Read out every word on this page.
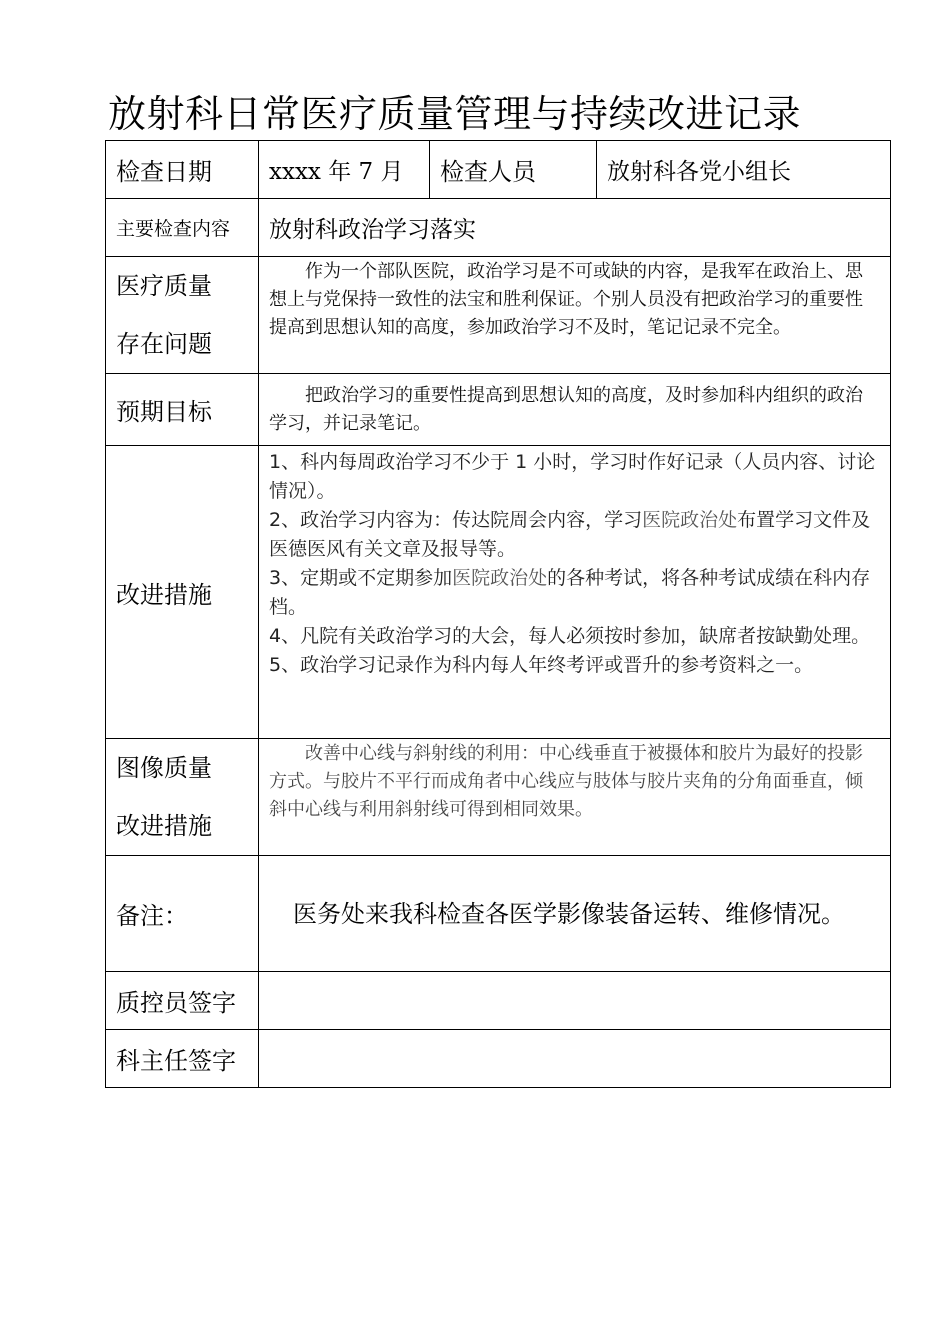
放射科日常医疗质量管理与持续改进记录
检查日期	xxxx 年 7 月	检查人员	放射科各党小组长
主要检查内容	放射科政治学习落实		

医疗质量
存在问题	作为一个部队医院，政治学习是不可或缺的内容，是我军在政治上、思想上与党保持一致性的法宝和胜利保证。个别人员没有把政治学习的重要性提高到思想认知的高度，参加政治学习不及时，笔记记录不完全。		

预期目标	把政治学习的重要性提高到思想认知的高度，及时参加科内组织的政治学习，并记录笔记。		

改进措施	1、科内每周政治学习不少于 1 小时，学习时作好记录（人员内容、讨论情况）。
2、政治学习内容为：传达院周会内容，学习医院政治处布置学习文件及医德医风有关文章及报导等。
3、定期或不定期参加医院政治处的各种考试，将各种考试成绩在科内存档。
4、凡院有关政治学习的大会，每人必须按时参加，缺席者按缺勤处理。
5、政治学习记录作为科内每人年终考评或晋升的参考资料之一。		

图像质量
改进措施	改善中心线与斜射线的利用：中心线垂直于被摄体和胶片为最好的投影方式。与胶片不平行而成角者中心线应与肢体与胶片夹角的分角面垂直，倾斜中心线与利用斜射线可得到相同效果。		

备注：	医务处来我科检查各医学影像装备运转、维修情况。		

质控员签字			
科主任签字			
